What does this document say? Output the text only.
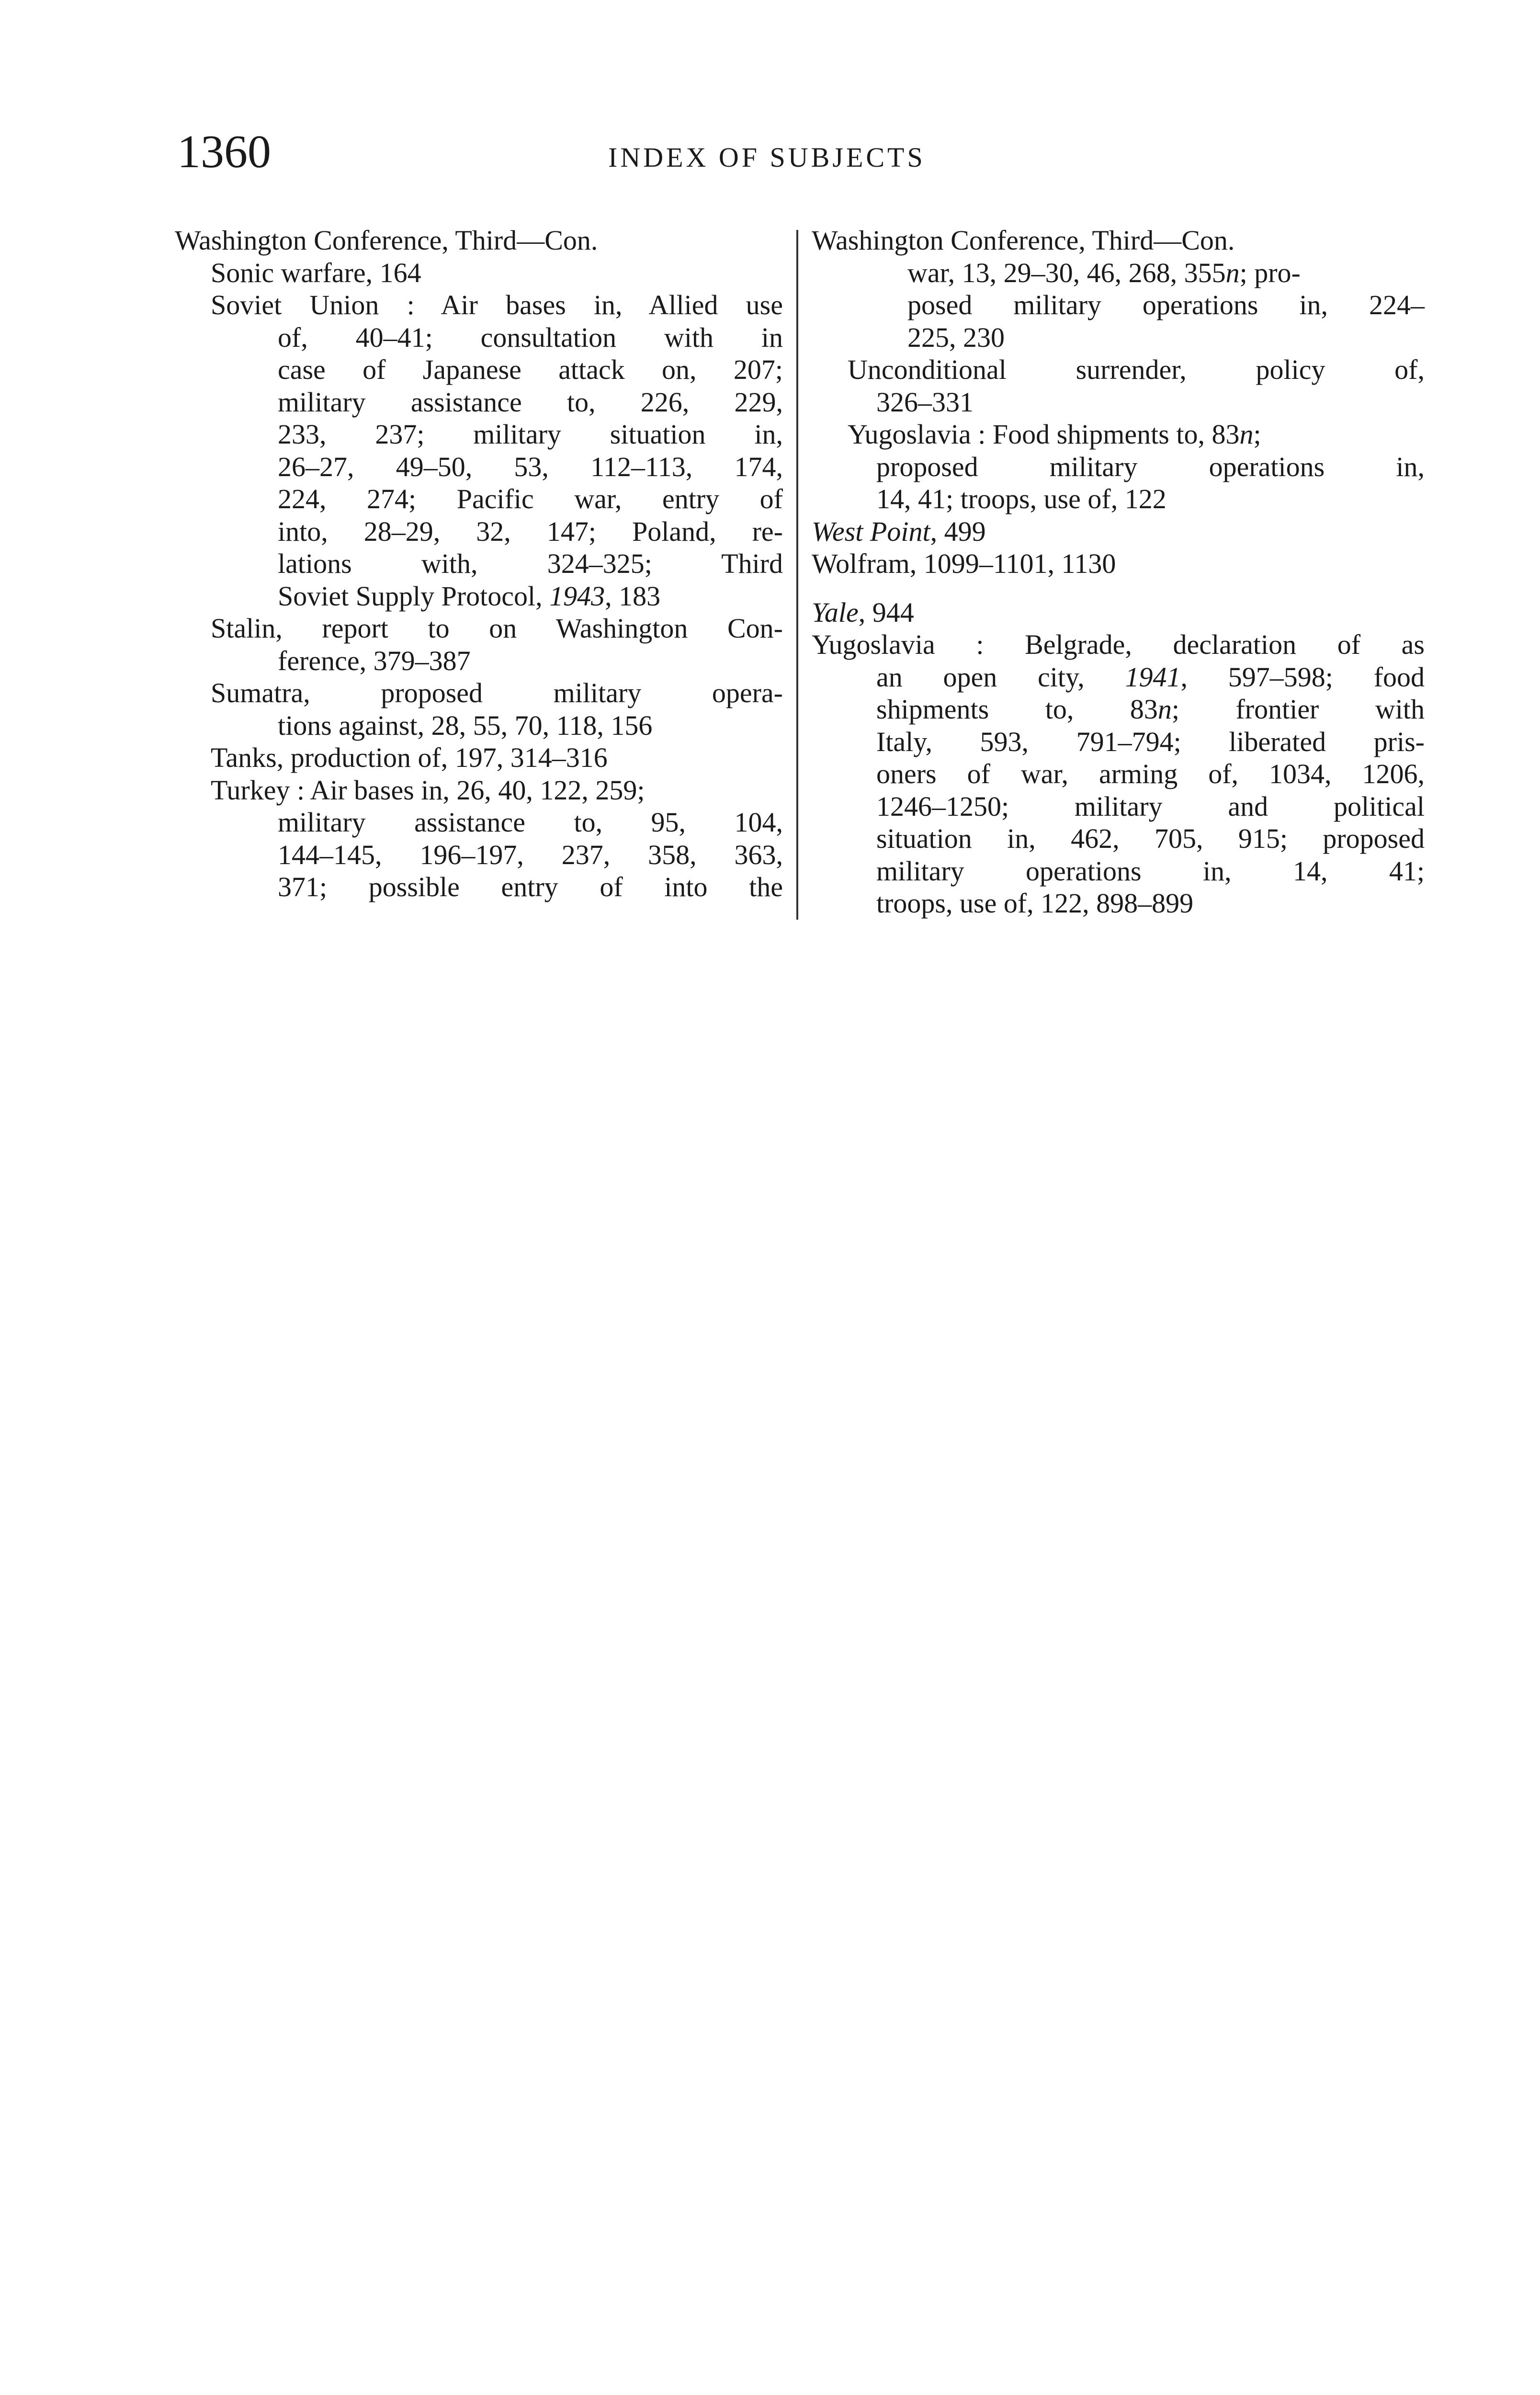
1360	INDEX OF SUBJECTS
Washington Conference, Third—Con.
Sonic warfare, 164
Soviet Union : Air bases in, Allied use
of, 40–41; consultation with in
case of Japanese attack on, 207;
military assistance to, 226, 229,
233, 237; military situation in,
26–27, 49–50, 53, 112–113, 174,
224, 274; Pacific war, entry of
into, 28–29, 32, 147; Poland, re-
lations with, 324–325; Third
Soviet Supply Protocol, 1943, 183
Stalin, report to on Washington Con-
ference, 379–387
Sumatra, proposed military opera-
tions against, 28, 55, 70, 118, 156
Tanks, production of, 197, 314–316
Turkey : Air bases in, 26, 40, 122, 259;
military assistance to, 95, 104,
144–145, 196–197, 237, 358, 363,
371; possible entry of into the
Washington Conference, Third—Con.
war, 13, 29–30, 46, 268, 355n; pro-
posed military operations in, 224–
225, 230
Unconditional surrender, policy of,
326–331
Yugoslavia : Food shipments to, 83n;
proposed military operations in,
14, 41; troops, use of, 122
West Point, 499
Wolfram, 1099–1101, 1130
Yale, 944
Yugoslavia : Belgrade, declaration of as
an open city, 1941, 597–598; food
shipments to, 83n; frontier with
Italy, 593, 791–794; liberated pris-
oners of war, arming of, 1034, 1206,
1246–1250; military and political
situation in, 462, 705, 915; proposed
military operations in, 14, 41;
troops, use of, 122, 898–899
